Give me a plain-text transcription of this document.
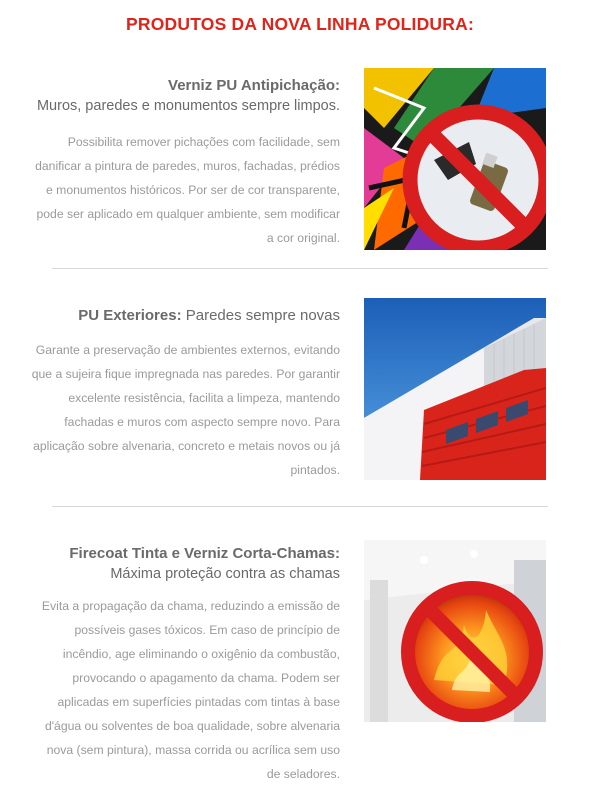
PRODUTOS DA NOVA LINHA POLIDURA:
Verniz PU Antipichação:
Muros, paredes e monumentos sempre limpos.
Possibilita remover pichações com facilidade, sem danificar a pintura de paredes, muros, fachadas, prédios e monumentos históricos. Por ser de cor transparente, pode ser aplicado em qualquer ambiente, sem modificar a cor original.
PU Exteriores: Paredes sempre novas
Garante a preservação de ambientes externos, evitando que a sujeira fique impregnada nas paredes. Por garantir excelente resistência, facilita a limpeza, mantendo fachadas e muros com aspecto sempre novo. Para aplicação sobre alvenaria, concreto e metais novos ou já pintados.
Firecoat Tinta e Verniz Corta-Chamas:
Máxima proteção contra as chamas
Evita a propagação da chama, reduzindo a emissão de possíveis gases tóxicos. Em caso de princípio de incêndio, age eliminando o oxigênio da combustão, provocando o apagamento da chama. Podem ser aplicadas em superfícies pintadas com tintas à base d'água ou solventes de boa qualidade, sobre alvenaria nova (sem pintura), massa corrida ou acrílica sem uso de seladores.
